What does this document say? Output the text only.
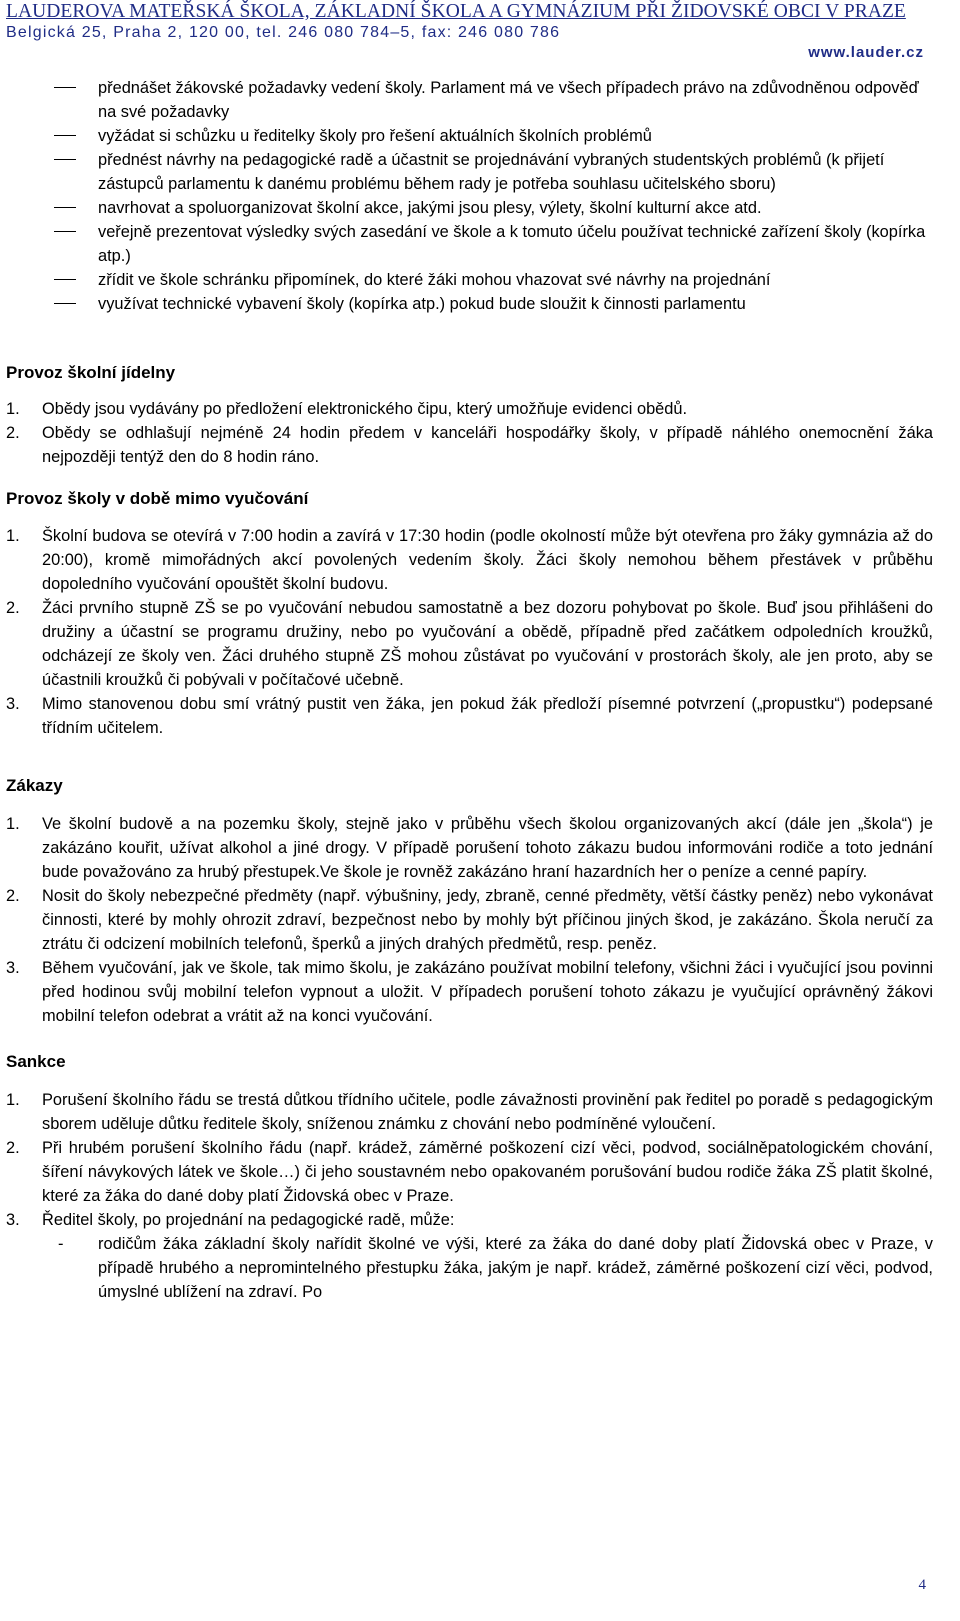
LAUDEROVA MATEŘSKÁ ŠKOLA, ZÁKLADNÍ ŠKOLA A GYMNÁZIUM PŘI ŽIDOVSKÉ OBCI V PRAZE
Belgická 25, Praha 2, 120 00, tel. 246 080 784–5, fax: 246 080 786
www.lauder.cz
přednášet žákovské požadavky vedení školy. Parlament má ve všech případech právo na zdůvodněnou odpověď na své požadavky
vyžádat si schůzku u ředitelky školy pro řešení aktuálních školních problémů
přednést návrhy na pedagogické radě a účastnit se projednávání vybraných studentských problémů (k přijetí zástupců parlamentu k danému problému během rady je potřeba souhlasu učitelského sboru)
navrhovat a spoluorganizovat školní akce, jakými jsou plesy, výlety, školní kulturní akce atd.
veřejně prezentovat výsledky svých zasedání ve škole a k tomuto účelu používat technické zařízení školy (kopírka atp.)
zřídit ve škole schránku připomínek, do které žáki mohou vhazovat své návrhy na projednání
využívat technické vybavení školy (kopírka atp.) pokud bude sloužit k činnosti parlamentu
Provoz školní jídelny
1. Obědy jsou vydávány po předložení elektronického čipu, který umožňuje evidenci obědů.
2. Obědy se odhlašují nejméně 24 hodin předem v kanceláři hospodářky školy, v případě náhlého onemocnění žáka nejpozději tentýž den do 8 hodin ráno.
Provoz školy v době mimo vyučování
1. Školní budova se otevírá v 7:00 hodin a zavírá v 17:30 hodin (podle okolností může být otevřena pro žáky gymnázia až do 20:00), kromě mimořádných akcí povolených vedením školy. Žáci školy nemohou během přestávek v průběhu dopoledního vyučování opouštět školní budovu.
2. Žáci prvního stupně ZŠ se po vyučování nebudou samostatně a bez dozoru pohybovat po škole. Buď jsou přihlášeni do družiny a účastní se programu družiny, nebo po vyučování a obědě, případně před začátkem odpoledních kroužků, odcházejí ze školy ven. Žáci druhého stupně ZŠ mohou zůstávat po vyučování v prostorách školy, ale jen proto, aby se účastnili kroužků či pobývali v počítačové učebně.
3. Mimo stanovenou dobu smí vrátný pustit ven žáka, jen pokud žák předloží písemné potvrzení („propustku“) podepsané třídním učitelem.
Zákazy
1. Ve školní budově a na pozemku školy, stejně jako v průběhu všech školou organizovaných akcí (dále jen „škola“) je zakázáno kouřit, užívat alkohol a jiné drogy. V případě porušení tohoto zákazu budou informováni rodiče a toto jednání bude považováno za hrubý přestupek.Ve škole je rovněž zakázáno hraní hazardních her o peníze a cenné papíry.
2. Nosit do školy nebezpečné předměty (např. výbušniny, jedy, zbraně, cenné předměty, větší částky peněz) nebo vykonávat činnosti, které by mohly ohrozit zdraví, bezpečnost nebo by mohly být příčinou jiných škod, je zakázáno. Škola neručí za ztrátu či odcizení mobilních telefonů, šperků a jiných drahých předmětů, resp. peněz.
3. Během vyučování, jak ve škole, tak mimo školu, je zakázáno používat mobilní telefony, všichni žáci i vyučující jsou povinni před hodinou svůj mobilní telefon vypnout a uložit. V případech porušení tohoto zákazu je vyučující oprávněný žákovi mobilní telefon odebrat a vrátit až na konci vyučování.
Sankce
1. Porušení školního řádu se trestá důtkou třídního učitele, podle závažnosti provinění pak ředitel po poradě s pedagogickým sborem uděluje důtku ředitele školy, sníženou známku z chování nebo podmíněné vyloučení.
2. Při hrubém porušení školního řádu (např. krádež, záměrné poškození cizí věci, podvod, sociálněpatologickém chování, šíření návykových látek ve škole…) či jeho soustavném nebo opakovaném porušování budou rodiče žáka ZŠ platit školné, které za žáka do dané doby platí Židovská obec v Praze.
3. Ředitel školy, po projednání na pedagogické radě, může:
- rodičům žáka základní školy nařídit školné ve výši, které za žáka do dané doby platí Židovská obec v Praze, v případě hrubého a nepromintelného přestupku žáka, jakým je např. krádež, záměrné poškození cizí věci, podvod, úmyslné ublížení na zdraví. Po
4
